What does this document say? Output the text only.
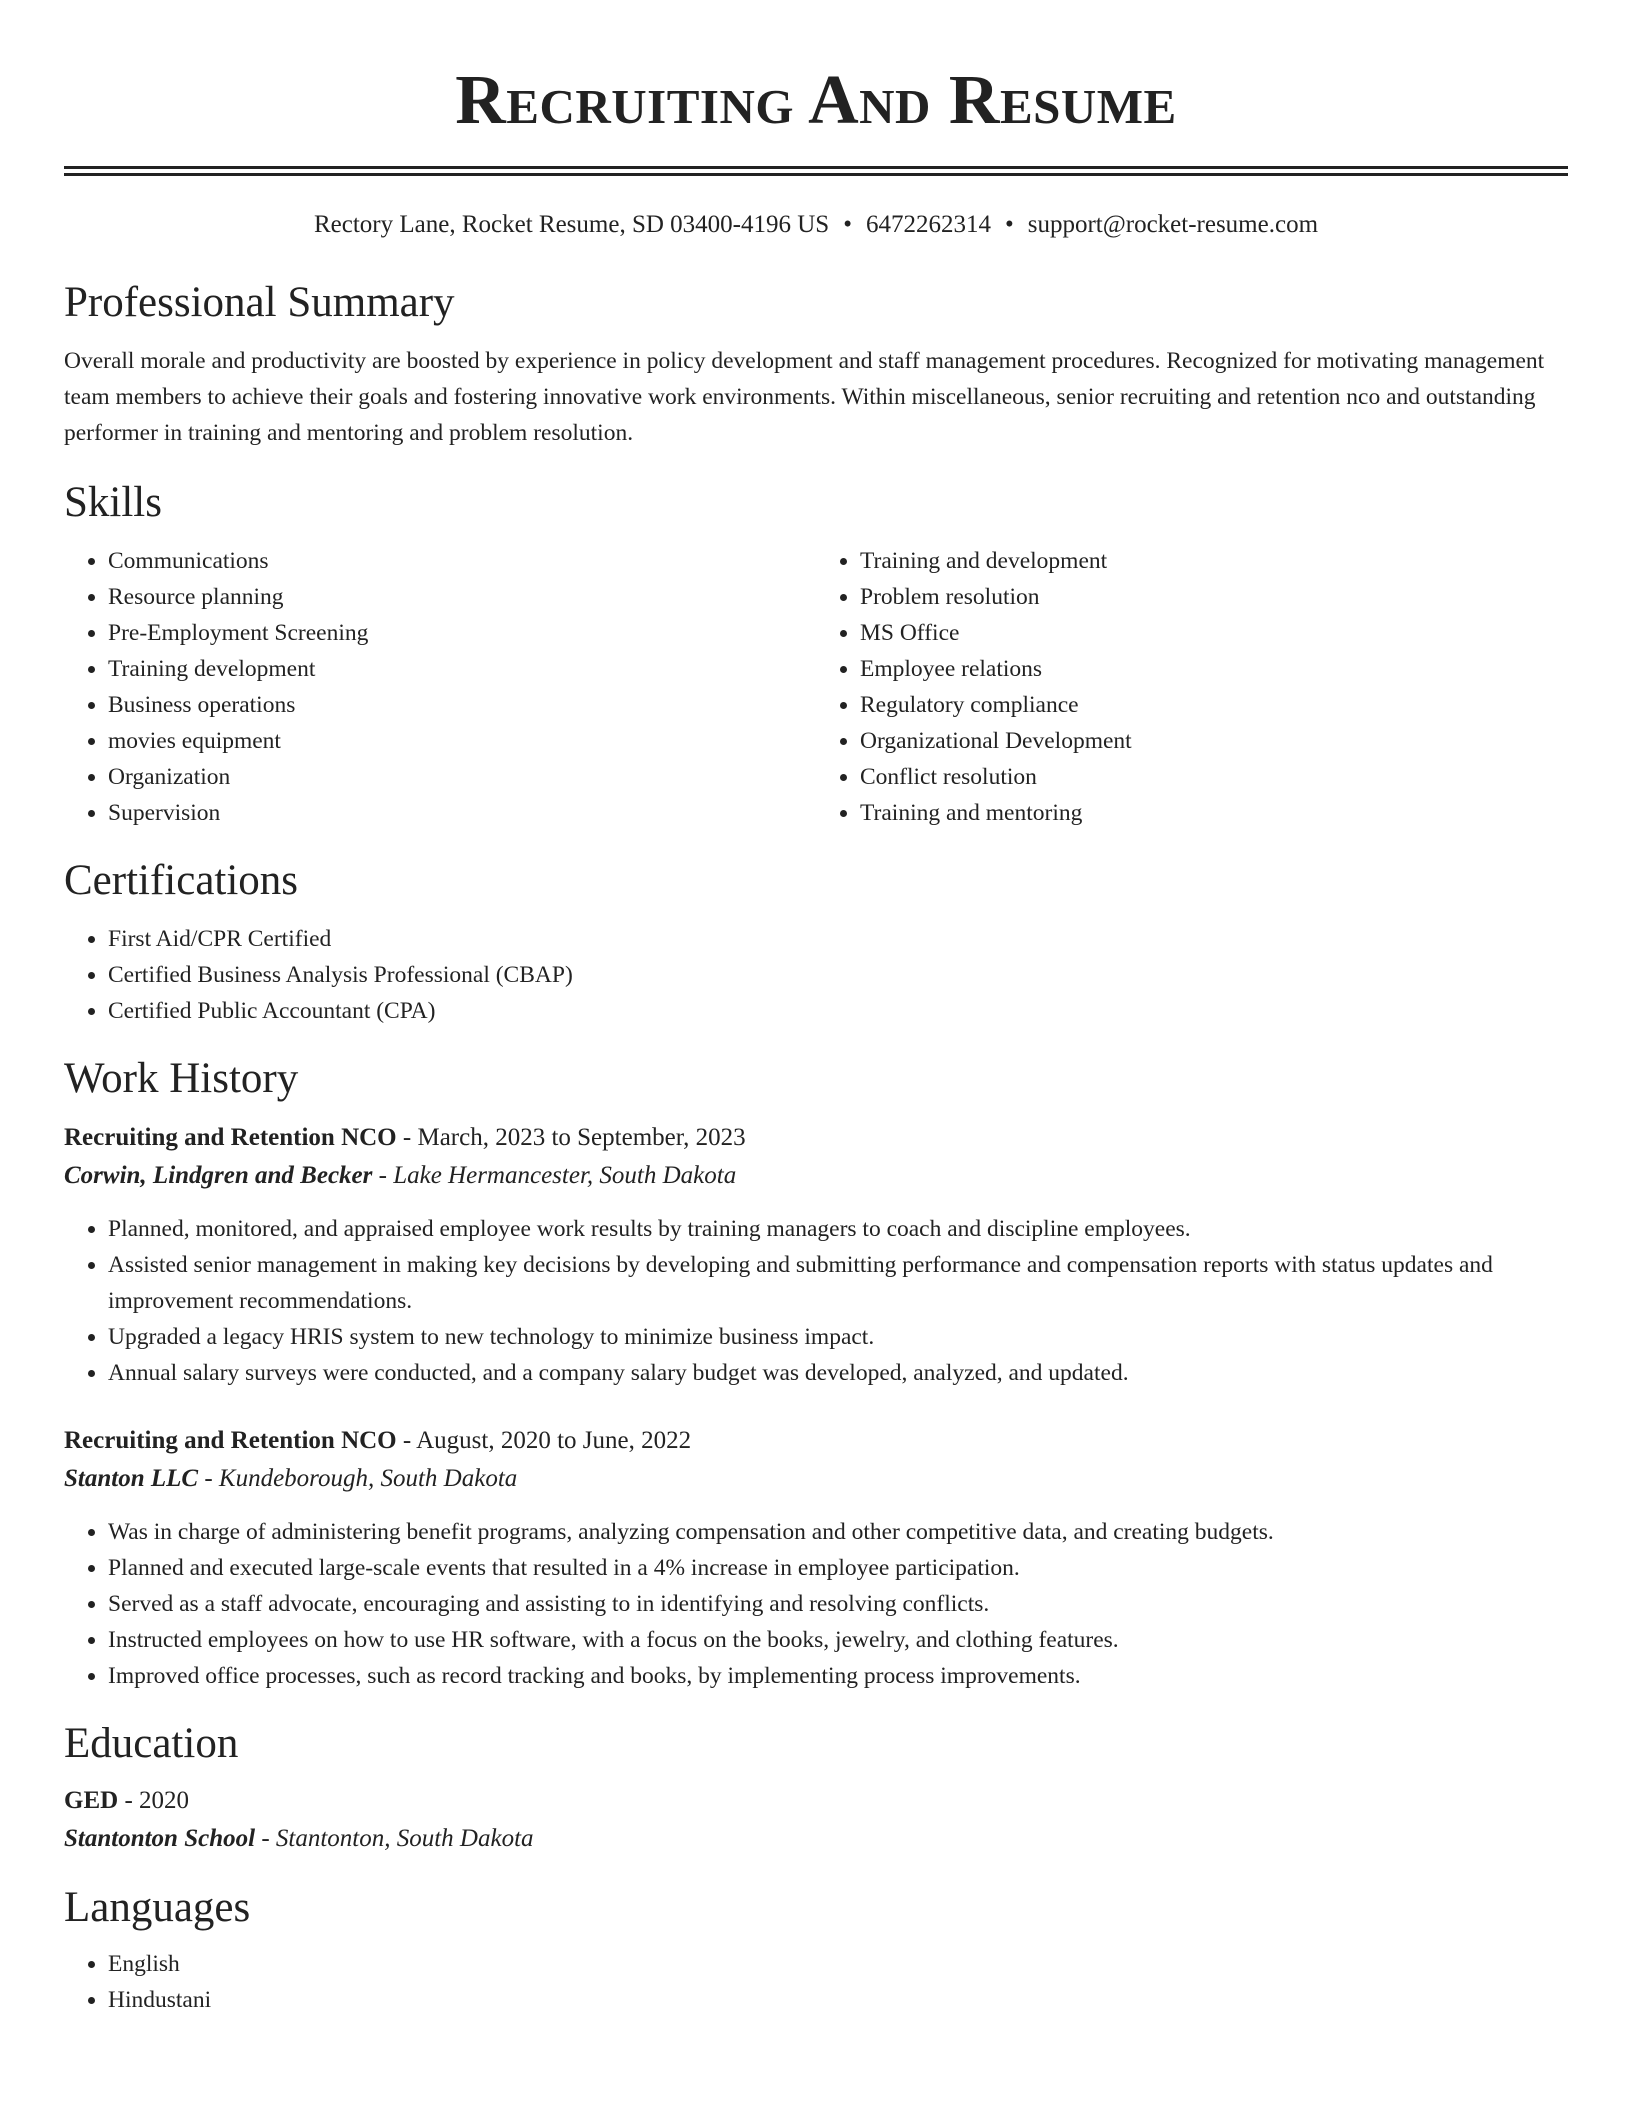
Recruiting And Resume
Rectory Lane, Rocket Resume, SD 03400-4196 US • 6472262314 • support@rocket-resume.com
Professional Summary

Overall morale and productivity are boosted by experience in policy development and staff management procedures. Recognized for motivating management team members to achieve their goals and fostering innovative work environments. Within miscellaneous, senior recruiting and retention nco and outstanding performer in training and mentoring and problem resolution.

Skills
• Communications
• Resource planning
• Pre-Employment Screening
• Training development
• Business operations
• movies equipment
• Organization
• Supervision
• Training and development
• Problem resolution
• MS Office
• Employee relations
• Regulatory compliance
• Organizational Development
• Conflict resolution
• Training and mentoring
Certifications
• First Aid/CPR Certified
• Certified Business Analysis Professional (CBAP)
• Certified Public Accountant (CPA)
Work History
Recruiting and Retention NCO - March, 2023 to September, 2023
Corwin, Lindgren and Becker - Lake Hermancester, South Dakota
• Planned, monitored, and appraised employee work results by training managers to coach and discipline employees.
• Assisted senior management in making key decisions by developing and submitting performance and compensation reports with status updates and improvement recommendations.
• Upgraded a legacy HRIS system to new technology to minimize business impact.
• Annual salary surveys were conducted, and a company salary budget was developed, analyzed, and updated.
Recruiting and Retention NCO - August, 2020 to June, 2022
Stanton LLC - Kundeborough, South Dakota
• Was in charge of administering benefit programs, analyzing compensation and other competitive data, and creating budgets.
• Planned and executed large-scale events that resulted in a 4% increase in employee participation.
• Served as a staff advocate, encouraging and assisting to in identifying and resolving conflicts.
• Instructed employees on how to use HR software, with a focus on the books, jewelry, and clothing features.
• Improved office processes, such as record tracking and books, by implementing process improvements.
Education
GED - 2020
Stantonton School - Stantonton, South Dakota
Languages
• English
• Hindustani
